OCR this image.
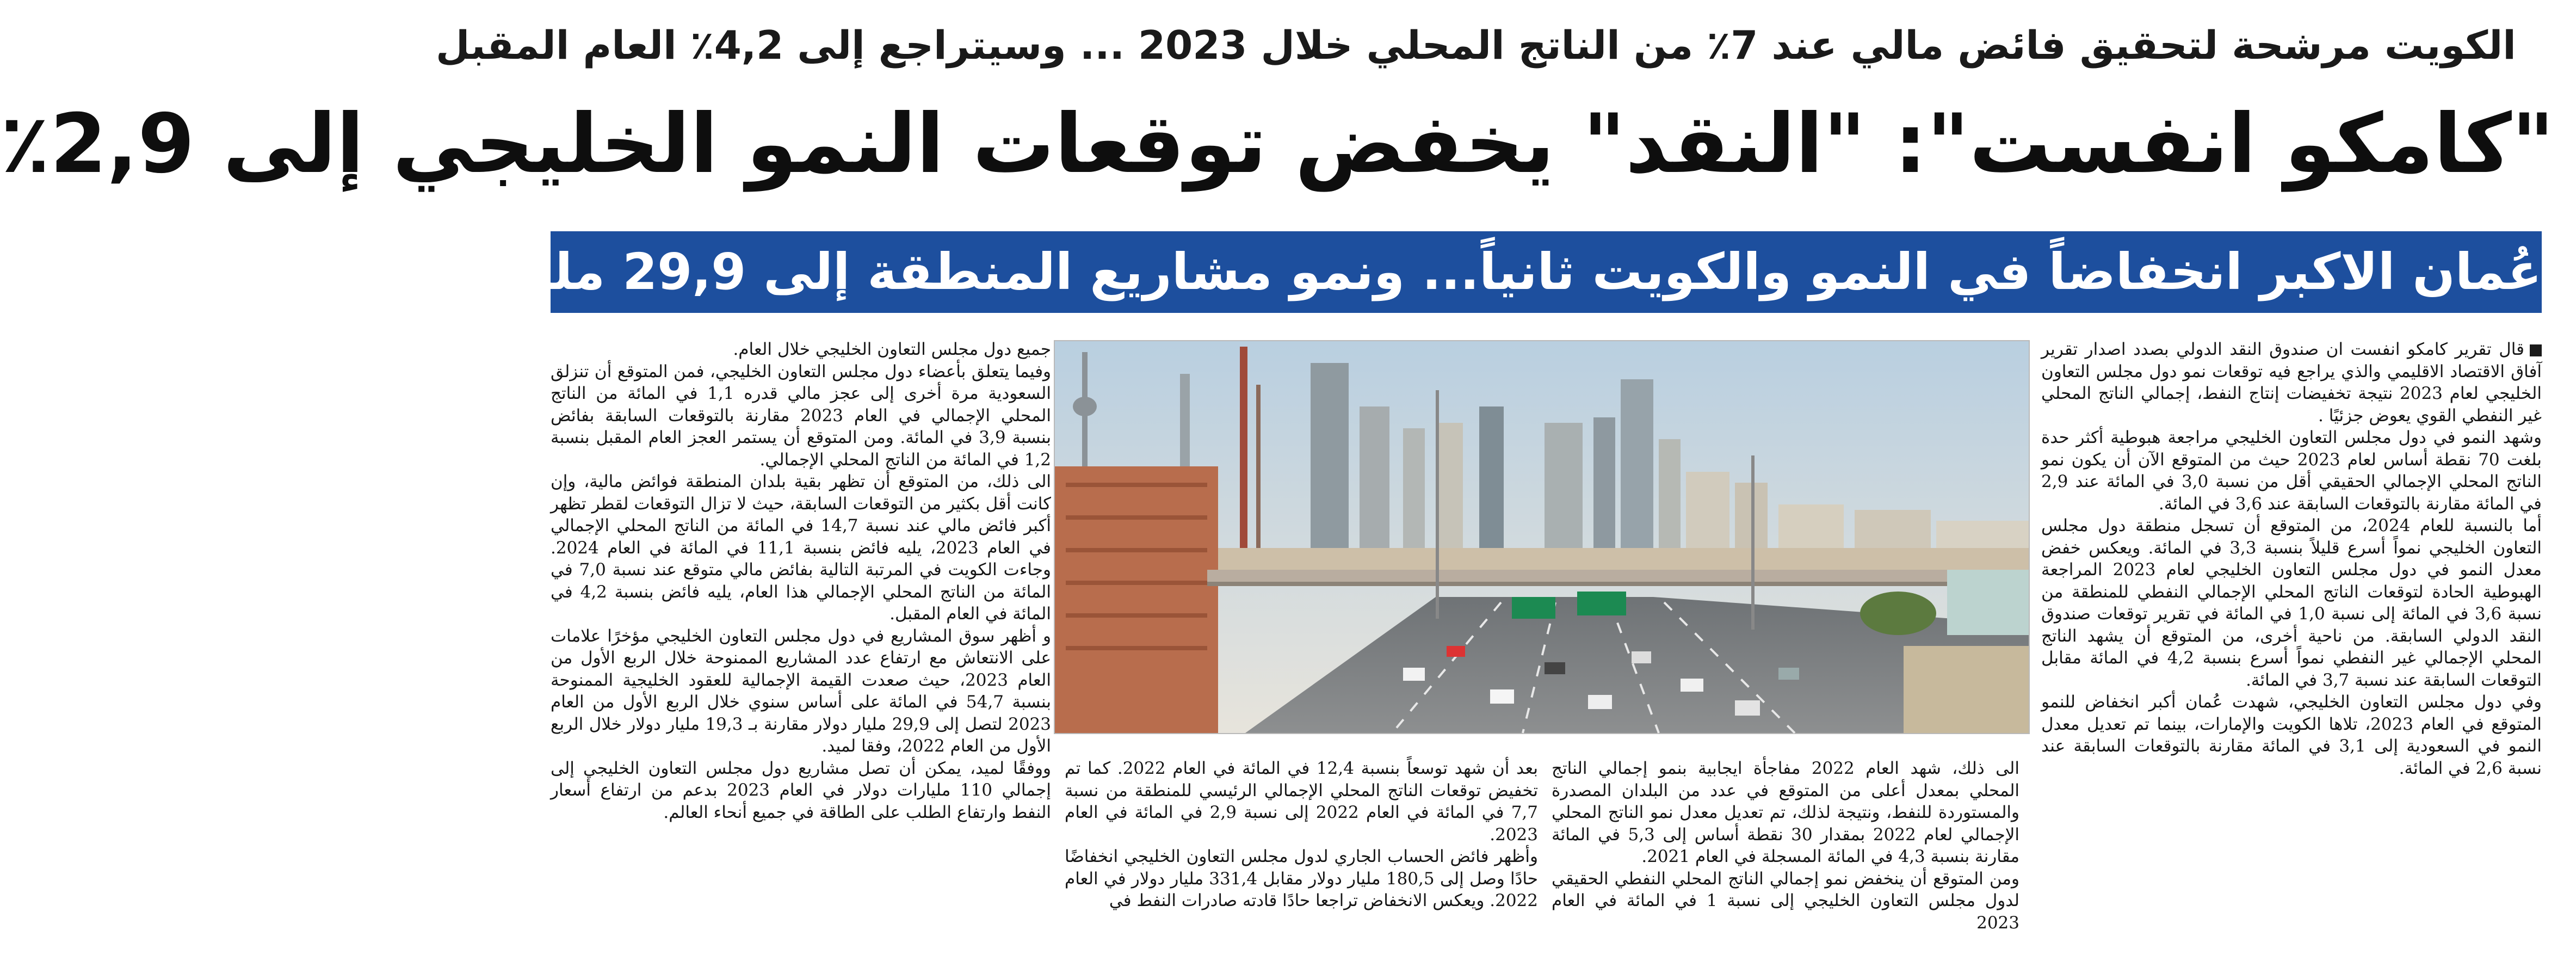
الكويت مرشحة لتحقيق فائض مالي عند 7٪ من الناتج المحلي خلال 2023 ... وسيتراجع إلى 4,2٪ العام المقبل
"كامكو انفست": "النقد" يخفض توقعات النمو الخليجي إلى 2,9٪
عُمان الاكبر انخفاضاً في النمو والكويت ثانياً... ونمو مشاريع المنطقة إلى 29,9 مليار دولار بالربع الأول

قال تقرير كامكو انفست ان صندوق النقد الدولي بصدد اصدار تقرير آفاق الاقتصاد الاقليمي والذي يراجع فيه توقعات نمو دول مجلس التعاون الخليجي لعام 2023 نتيجة تخفيضات إنتاج النفط، إجمالي الناتج المحلي غير النفطي القوي يعوض جزئيًا .

وشهد النمو في دول مجلس التعاون الخليجي مراجعة هبوطية أكثر حدة بلغت 70 نقطة أساس لعام 2023 حيث من المتوقع الآن أن يكون نمو الناتج المحلي الإجمالي الحقيقي أقل من نسبة 3,0 في المائة عند 2,9 في المائة مقارنة بالتوقعات السابقة عند 3,6 في المائة.

أما بالنسبة للعام 2024، من المتوقع أن تسجل منطقة دول مجلس التعاون الخليجي نمواً أسرع قليلاً بنسبة 3,3 في المائة. ويعكس خفض معدل النمو في دول مجلس التعاون الخليجي لعام 2023 المراجعة الهبوطية الحادة لتوقعات الناتج المحلي الإجمالي النفطي للمنطقة من نسبة 3,6 في المائة إلى نسبة 1,0 في المائة في تقرير توقعات صندوق النقد الدولي السابقة. من ناحية أخرى، من المتوقع أن يشهد الناتج المحلي الإجمالي غير النفطي نمواً أسرع بنسبة 4,2 في المائة مقابل التوقعات السابقة عند نسبة 3,7 في المائة.

وفي دول مجلس التعاون الخليجي، شهدت عُمان أكبر انخفاض للنمو المتوقع في العام 2023، تلاها الكويت والإمارات، بينما تم تعديل معدل النمو في السعودية إلى 3,1 في المائة مقارنة بالتوقعات السابقة عند نسبة 2,6 في المائة.

الى ذلك، شهد العام 2022 مفاجأة ايجابية بنمو إجمالي الناتج المحلي بمعدل أعلى من المتوقع في عدد من البلدان المصدرة والمستوردة للنفط، ونتيجة لذلك، تم تعديل معدل نمو الناتج المحلي الإجمالي لعام 2022 بمقدار 30 نقطة أساس إلى 5,3 في المائة مقارنة بنسبة 4,3 في المائة المسجلة في العام 2021.

ومن المتوقع أن ينخفض نمو إجمالي الناتج المحلي النفطي الحقيقي لدول مجلس التعاون الخليجي إلى نسبة 1 في المائة في العام 2023

بعد أن شهد توسعاً بنسبة 12,4 في المائة في العام 2022. كما تم تخفيض توقعات الناتج المحلي الإجمالي الرئيسي للمنطقة من نسبة 7,7 في المائة في العام 2022 إلى نسبة 2,9 في المائة في العام 2023.

وأظهر فائض الحساب الجاري لدول مجلس التعاون الخليجي انخفاضًا حادًا وصل إلى 180,5 مليار دولار مقابل 331,4 مليار دولار في العام 2022. ويعكس الانخفاض تراجعا حادًا قادته صادرات النفط في

جميع دول مجلس التعاون الخليجي خلال العام.

وفيما يتعلق بأعضاء دول مجلس التعاون الخليجي، فمن المتوقع أن تنزلق السعودية مرة أخرى إلى عجز مالي قدره 1,1 في المائة من الناتج المحلي الإجمالي في العام 2023 مقارنة بالتوقعات السابقة بفائض بنسبة 3,9 في المائة. ومن المتوقع أن يستمر العجز العام المقبل بنسبة 1,2 في المائة من الناتج المحلي الإجمالي.

الى ذلك، من المتوقع أن تظهر بقية بلدان المنطقة فوائض مالية، وإن كانت أقل بكثير من التوقعات السابقة، حيث لا تزال التوقعات لقطر تظهر أكبر فائض مالي عند نسبة 14,7 في المائة من الناتج المحلي الإجمالي في العام 2023، يليه فائض بنسبة 11,1 في المائة في العام 2024. وجاءت الكويت في المرتبة التالية بفائض مالي متوقع عند نسبة 7,0 في المائة من الناتج المحلي الإجمالي هذا العام، يليه فائض بنسبة 4,2 في المائة في العام المقبل.

و أظهر سوق المشاريع في دول مجلس التعاون الخليجي مؤخرًا علامات على الانتعاش مع ارتفاع عدد المشاريع الممنوحة خلال الربع الأول من العام 2023، حيث صعدت القيمة الإجمالية للعقود الخليجية الممنوحة بنسبة 54,7 في المائة على أساس سنوي خلال الربع الأول من العام 2023 لتصل إلى 29,9 مليار دولار مقارنة بـ 19,3 مليار دولار خلال الربع الأول من العام 2022، وفقا لميد.

ووفقًا لميد، يمكن أن تصل مشاريع دول مجلس التعاون الخليجي إلى إجمالي 110 مليارات دولار في العام 2023 بدعم من ارتفاع أسعار النفط وارتفاع الطلب على الطاقة في جميع أنحاء العالم.
